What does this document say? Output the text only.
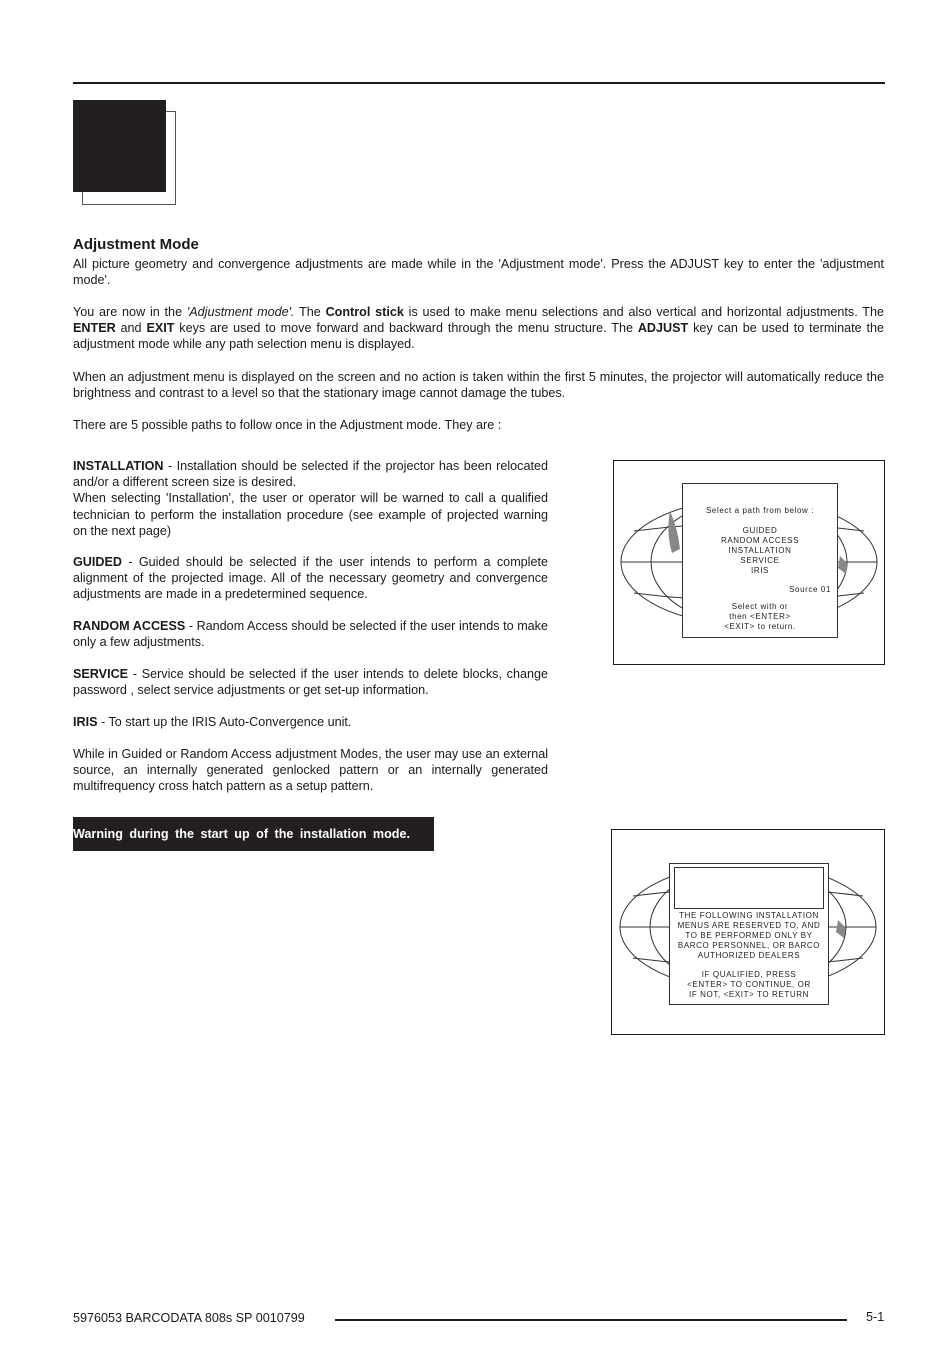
Adjustment Mode

All picture geometry and convergence adjustments are made while in the 'Adjustment mode'. Press the ADJUST key to enter the 'adjustment mode'.

You are now in the 'Adjustment mode'. The Control stick is used to make menu selections and also vertical and horizontal adjustments. The ENTER and EXIT keys are used to move forward and backward through the menu structure. The ADJUST key can be used to terminate the adjustment mode while any path selection menu is displayed.

When an adjustment menu is displayed on the screen and no action is taken within the first 5 minutes, the projector will automatically reduce the brightness and contrast to a level so that the stationary image cannot damage the tubes.

There are 5 possible paths to follow once in the Adjustment mode. They are :

INSTALLATION - Installation should be selected if the projector has been relocated and/or a different screen size is desired.
When selecting 'Installation', the user or operator will be warned to call a qualified technician to perform the installation procedure (see example of projected warning on the next page)

GUIDED - Guided should be selected if the user intends to perform a complete alignment of the projected image. All of the necessary geometry and convergence adjustments are made in a predetermined sequence.

RANDOM ACCESS - Random Access should be selected if the user intends to make only a few adjustments.

SERVICE - Service should be selected if the user intends to delete blocks, change password , select service adjustments or get set-up information.

IRIS - To start up the IRIS Auto-Convergence unit.

While in Guided or Random Access adjustment Modes, the user may use an external source, an internally generated genlocked pattern or an internally generated multifrequency cross hatch pattern as a setup pattern.

Warning during the start up of the installation mode.
Select a path from below :
GUIDED
RANDOM ACCESS
INSTALLATION
SERVICE
IRIS
Source 01
Select with or
then <ENTER>
<EXIT> to return.
THE FOLLOWING INSTALLATION
MENUS ARE RESERVED TO, AND
TO BE PERFORMED ONLY BY
BARCO PERSONNEL, OR BARCO
AUTHORIZED DEALERS
IF QUALIFIED, PRESS
<ENTER> TO CONTINUE, OR
IF NOT, <EXIT> TO RETURN
5976053 BARCODATA 808s SP 0010799	5-1
